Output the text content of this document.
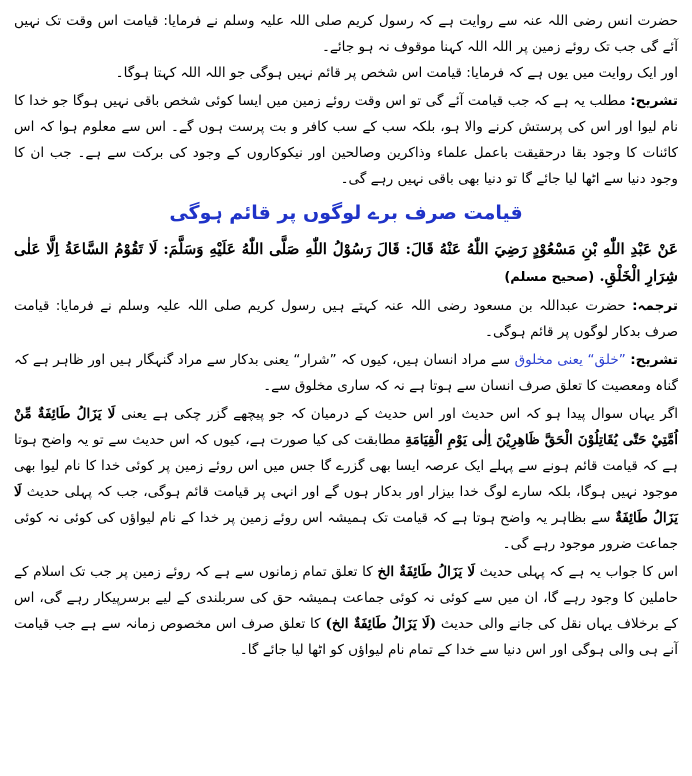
حضرت انس رضی اللہ عنہ سے روایت ہے کہ رسول کریم صلی اللہ علیہ وسلم نے فرمایا: قیامت اس وقت تک نہیں آئے گی جب تک روئے زمین پر اللہ اللہ کہنا موقوف نہ ہو جائے۔

اور ایک روایت میں یوں ہے کہ فرمایا: قیامت اس شخص پر قائم نہیں ہوگی جو اللہ اللہ کہتا ہوگا۔

تشریح: مطلب یہ ہے کہ جب قیامت آئے گی تو اس وقت روئے زمین میں ایسا کوئی شخص باقی نہیں ہوگا جو خدا کا نام لیوا اور اس کی پرستش کرنے والا ہو، بلکہ سب کے سب کافر و بت پرست ہوں گے۔ اس سے معلوم ہوا کہ اس کائنات کا وجود بقا درحقیقت باعمل علماء وذاکرین وصالحین اور نیکوکاروں کے وجود کی برکت سے ہے۔ جب ان کا وجود دنیا سے اٹھا لیا جائے گا تو دنیا بھی باقی نہیں رہے گی۔

قیامت صرف برے لوگوں پر قائم ہوگی

عَنْ عَبْدِ اللّٰهِ بْنِ مَسْعُوْدٍ رَضِيَ اللّٰهُ عَنْهُ قَالَ: قَالَ رَسُوْلُ اللّٰهِ صَلَّى اللّٰهُ عَلَيْهِ وَسَلَّمَ: لَا تَقُوْمُ السَّاعَةُ اِلَّا عَلٰى شِرَارِ الْخَلْقِ. (صحیح مسلم)

ترجمہ: حضرت عبداللہ بن مسعود رضی اللہ عنہ کہتے ہیں رسول کریم صلی اللہ علیہ وسلم نے فرمایا: قیامت صرف بدکار لوگوں پر قائم ہوگی۔

تشریح: ”خلق“ یعنی مخلوق سے مراد انسان ہیں، کیوں کہ ”شرار“ یعنی بدکار سے مراد گنہگار ہیں اور ظاہر ہے کہ گناہ ومعصیت کا تعلق صرف انسان سے ہوتا ہے نہ کہ ساری مخلوق سے۔

اگر یہاں سوال پیدا ہو کہ اس حدیث اور اس حدیث کے درمیان کہ جو پیچھے گزر چکی ہے یعنی لَا يَزَالُ طَائِفَةٌ مِّنْ اُمَّتِيْ حَتّٰى يُقَاتِلُوْنَ الْحَقَّ ظَاهِرِيْنَ اِلٰى يَوْمِ الْقِيَامَةِ مطابقت کی کیا صورت ہے، کیوں کہ اس حدیث سے تو یہ واضح ہوتا ہے کہ قیامت قائم ہونے سے پہلے ایک عرصہ ایسا بھی گزرے گا جس میں اس روئے زمین پر کوئی خدا کا نام لیوا بھی موجود نہیں ہوگا، بلکہ سارے لوگ خدا بیزار اور بدکار ہوں گے اور انہی پر قیامت قائم ہوگی، جب کہ پہلی حدیث لَا يَزَالُ طَائِفَةٌ سے بظاہر یہ واضح ہوتا ہے کہ قیامت تک ہمیشہ اس روئے زمین پر خدا کے نام لیواؤں کی کوئی نہ کوئی جماعت ضرور موجود رہے گی۔

اس کا جواب یہ ہے کہ پہلی حدیث لَا يَزَالُ طَائِفَةٌ الخ کا تعلق تمام زمانوں سے ہے کہ روئے زمین پر جب تک اسلام کے حاملین کا وجود رہے گا، ان میں سے کوئی نہ کوئی جماعت ہمیشہ حق کی سربلندی کے لیے برسرپیکار رہے گی، اس کے برخلاف یہاں نقل کی جانے والی حدیث (لَا يَزَالُ طَائِفَةٌ الخ) کا تعلق صرف اس مخصوص زمانہ سے ہے جب قیامت آنے ہی والی ہوگی اور اس دنیا سے خدا کے تمام نام لیواؤں کو اٹھا لیا جائے گا۔
